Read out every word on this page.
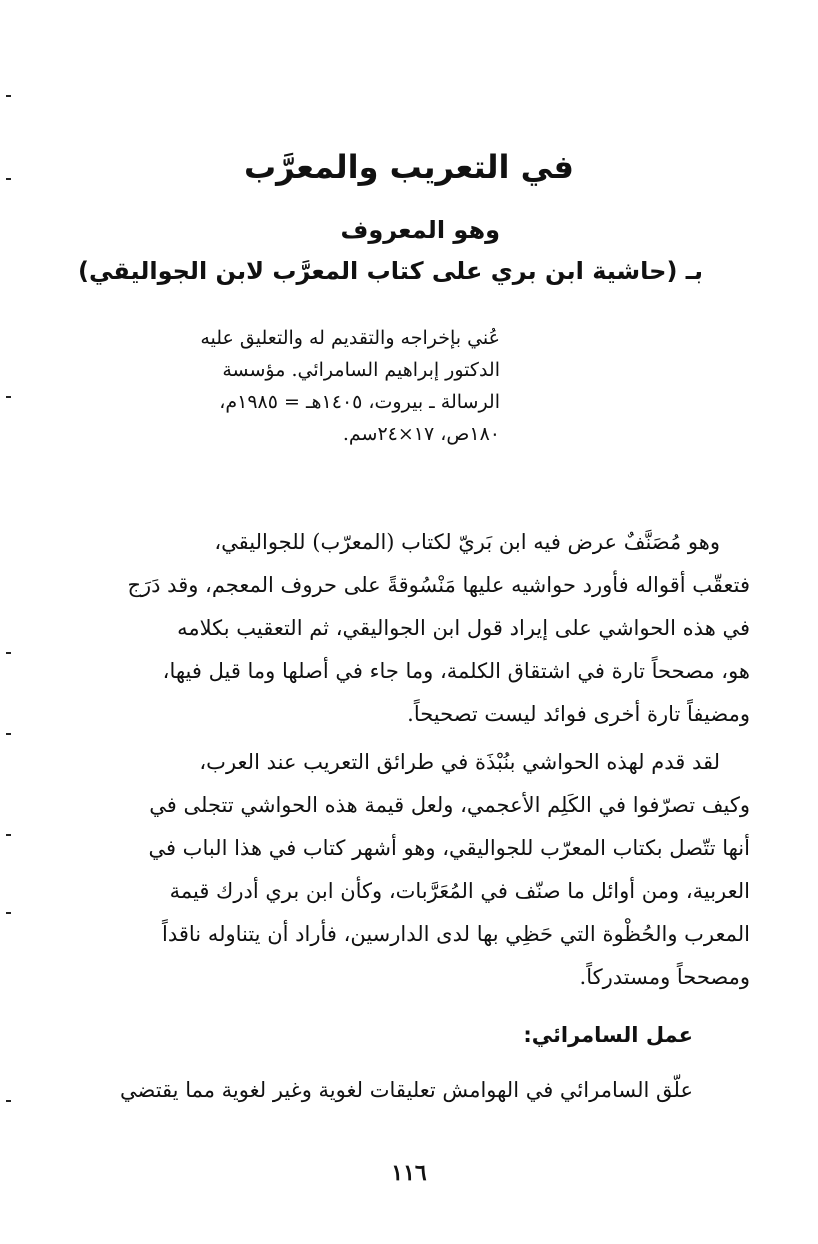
في التعريب والمعرَّب
وهو المعروف
بـ (حاشية ابن بري على كتاب المعرَّب لابن الجواليقي)
عُني بإخراجه والتقديم له والتعليق عليه
الدكتور إبراهيم السامرائي. مؤسسة
الرسالة ـ بيروت، ١٤٠٥هـ = ١٩٨٥م،
١٨٠ص، ١٧×٢٤سم.
وهو مُصَنَّفٌ عرض فيه ابن بَريّ لكتاب (المعرّب) للجواليقي،
فتعقّب أقواله فأورد حواشيه عليها مَنْسُوقةً على حروف المعجم، وقد دَرَج
في هذه الحواشي على إيراد قول ابن الجواليقي، ثم التعقيب بكلامه
هو، مصححاً تارة في اشتقاق الكلمة، وما جاء في أصلها وما قيل فيها،
ومضيفاً تارة أخرى فوائد ليست تصحيحاً.
لقد قدم لهذه الحواشي بنُبْذَة في طرائق التعريب عند العرب،
وكيف تصرّفوا في الكَلِم الأعجمي، ولعل قيمة هذه الحواشي تتجلى في
أنها تتّصل بكتاب المعرّب للجواليقي، وهو أشهر كتاب في هذا الباب في
العربية، ومن أوائل ما صنّف في المُعَرَّبات، وكأن ابن بري أدرك قيمة
المعرب والحُظْوة التي حَظِي بها لدى الدارسين، فأراد أن يتناوله ناقداً
ومصححاً ومستدركاً.
عمل السامرائي:
علّق السامرائي في الهوامش تعليقات لغوية وغير لغوية مما يقتضي
١١٦
